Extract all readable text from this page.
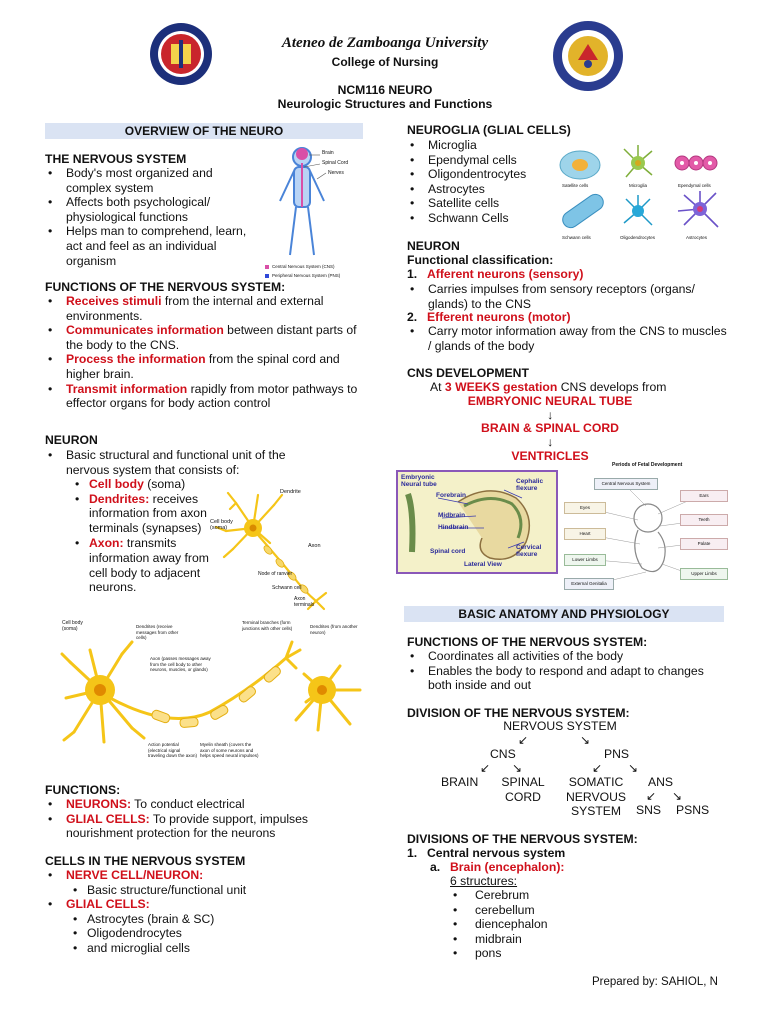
Ateneo de Zamboanga University
College of Nursing
NCM116 NEURO
Neurologic Structures and Functions
OVERVIEW OF THE NEURO
THE NERVOUS SYSTEM
• Body's most organized and complex system
• Affects both psychological/ physiological functions
• Helps man to comprehend, learn, act and feel as an individual organism
Brain
Spinal Cord
Nerves
Central Nervous System (CNS)
Peripheral Nervous System (PNS)
FUNCTIONS OF THE NERVOUS SYSTEM:
• Receives stimuli from the internal and external environments.
• Communicates information between distant parts of the body to the CNS.
• Process the information from the spinal cord and higher brain.
• Transmit information rapidly from motor pathways to effector organs for body action control
NEURON
• Basic structural and functional unit of the nervous system that consists of:
• Cell body (soma)
• Dendrites: receives information from axon terminals (synapses)
• Axon: transmits information away from cell body to adjacent neurons.
Dendrite
Cell body (soma)
Axon
Node of ranvier
Schwann cell
Axon terminals
Cell body (soma)	Dendrites (receive messages from other cells)
Axon (passes messages away from the cell body to other neurons, muscles, or glands)
Action potential (electrical signal traveling down the axon)
Myelin sheath (covers the axon of some neurons and helps speed neural impulses)
Terminal branches (form junctions with other cells)	Dendrites (from another neuron)
FUNCTIONS:
• NEURONS: To conduct electrical
• GLIAL CELLS: To provide support, impulses nourishment protection for the neurons
CELLS IN THE NERVOUS SYSTEM
• NERVE CELL/NEURON:
• Basic structure/functional unit
• GLIAL CELLS:
• Astrocytes (brain & SC)
• Oligodendrocytes
• and microglial cells
NEUROGLIA (GLIAL CELLS)
• Microglia
• Ependymal cells
• Oligondentrocytes
• Astrocytes
• Satellite cells
• Schwann Cells
Satellite cells	Microglia	Ependymal cells
Schwann cells	Oligodendrocytes	Astrocytes
NEURON
Functional classification:
1. Afferent neurons (sensory)
• Carries impulses from sensory receptors (organs/ glands) to the CNS
2. Efferent neurons (motor)
• Carry motor information away from the CNS to muscles / glands of the body
CNS DEVELOPMENT
At 3 WEEKS gestation CNS develops from
EMBRYONIC NEURAL TUBE
↓
BRAIN & SPINAL CORD
↓
VENTRICLES
Embryonic Neural tube
Forebrain
Cephalic flexure
Midbrain
Hindbrain
Spinal cord
Cervical flexure
Lateral View
Periods of Fetal Development
Central Nervous System
Ears
Eyes
Teeth
Heart
Palate
Lower Limbs
Upper Limbs
External Genitalia
BASIC ANATOMY AND PHYSIOLOGY
FUNCTIONS OF THE NERVOUS SYSTEM:
• Coordinates all activities of the body
• Enables the body to respond and adapt to changes both inside and out
DIVISION OF THE NERVOUS SYSTEM:
NERVOUS SYSTEM
↙	↘
CNS	PNS
↙ ↘	↙ ↘
BRAIN	SPINAL CORD
SOMATIC NERVOUS SYSTEM
ANS
↙ ↘
SNS PSNS
DIVISIONS OF THE NERVOUS SYSTEM:
1. Central nervous system
a. Brain (encephalon):
6 structures:
• Cerebrum
• cerebellum
• diencephalon
• midbrain
• pons
Prepared by: SAHIOL, N
